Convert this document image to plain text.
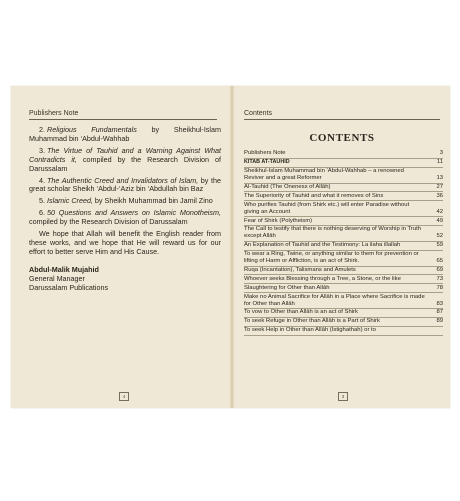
Publishers Note

2. Religious Fundamentals by Sheikhul-Islam Muhammad bin ‘Abdul-Wahhab

3. The Virtue of Tauhid and a Warning Against What Contradicts it, compiled by the Research Division of Darussalam

4. The Authentic Creed and Invalidators of Islam, by the great scholar Sheikh ‘Abdul-‘Aziz bin ‘Abdullah bin Baz

5. Islamic Creed, by Sheikh Muhammad bin Jamil Zino

6. 50 Questions and Answers on Islamic Monotheism, compiled by the Research Division of Darussalam

We hope that Allah will benefit the English reader from these works, and we hope that He will reward us for our effort to better serve Him and His Cause.

Abdul-Malik Mujahid
General Manager
Darussalam Publications

4
Contents
CONTENTS
Publishers Note	3
KITAB AT-TAUHID	11
Sheikhul-Islam Muhammad bin ‘Abdul-Wahhab – a renowned Reviver and a great Reformer	13
Al-Tauhid (The Oneness of Allāh)	27
The Superiority of Tauhid and what it removes of Sins	36
Who purifies Tauhid (from Shirk etc.) will enter Paradise without giving an Account	42
Fear of Shirk (Polytheism)	49
The Call to testify that there is nothing deserving of Worship in Truth except Allāh	52
An Explanation of Tauhid and the Testimony: La ilaha illallah	59
To wear a Ring, Twine, or anything similar to them for prevention or lifting of Harm or Affliction, is an act of Shirk.	65
Ruqa (Incantation), Talismans and Amulets	69
Whoever seeks Blessing through a Tree, a Stone, or the like	73
Slaughtering for Other than Allāh	78
Make no Animal Sacrifice for Allāh in a Place where Sacrifice is made for Other than Allāh	83
To vow to Other than Allāh is an act of Shirk	87
To seek Refuge in Other than Allāh is a Part of Shirk	89
To seek Help in Other than Allāh (Istighathah) or to
3
